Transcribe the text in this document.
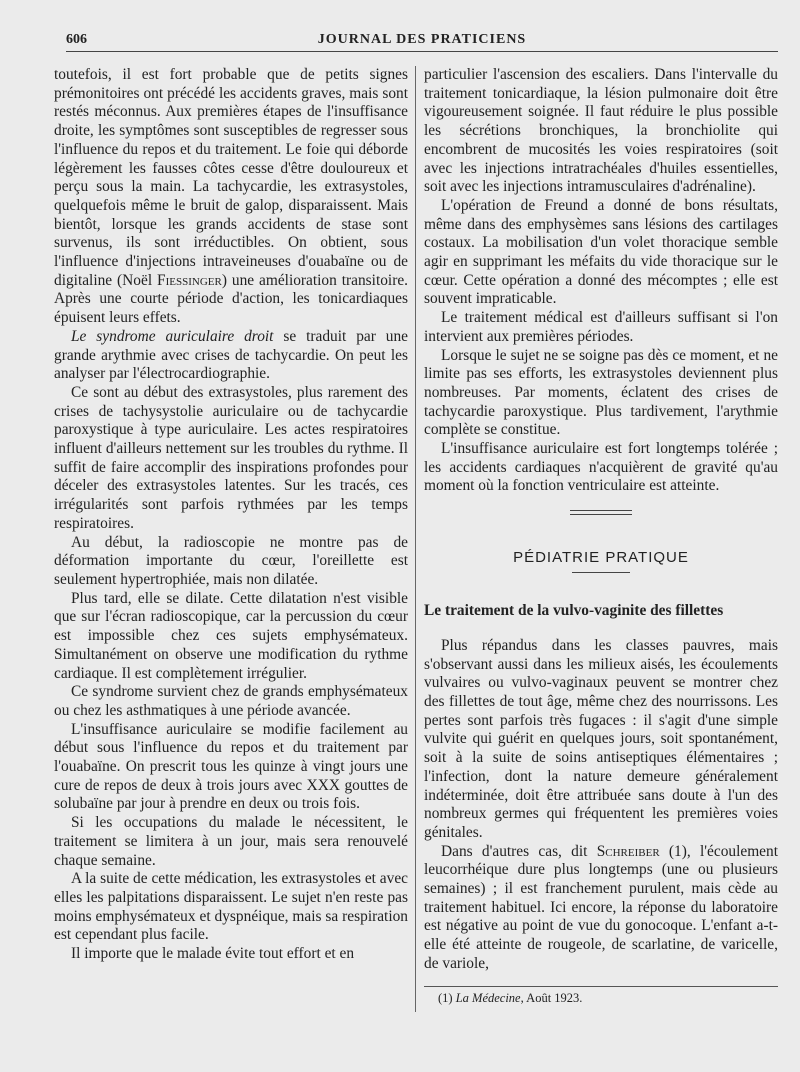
606	JOURNAL DES PRATICIENS

toutefois, il est fort probable que de petits signes prémonitoires ont précédé les accidents graves, mais sont restés méconnus. Aux premières étapes de l'insuffisance droite, les symptômes sont susceptibles de regresser sous l'influence du repos et du traitement. Le foie qui déborde légèrement les fausses côtes cesse d'être douloureux et perçu sous la main. La tachycardie, les extrasystoles, quelquefois même le bruit de galop, disparaissent. Mais bientôt, lorsque les grands accidents de stase sont survenus, ils sont irréductibles. On obtient, sous l'influence d'injections intraveineuses d'ouabaïne ou de digitaline (Noël Fiessinger) une amélioration transitoire. Après une courte période d'action, les tonicardiaques épuisent leurs effets.

Le syndrome auriculaire droit se traduit par une grande arythmie avec crises de tachycardie. On peut les analyser par l'électrocardiographie.

Ce sont au début des extrasystoles, plus rarement des crises de tachysystolie auriculaire ou de tachycardie paroxystique à type auriculaire. Les actes respiratoires influent d'ailleurs nettement sur les troubles du rythme. Il suffit de faire accomplir des inspirations profondes pour déceler des extrasystoles latentes. Sur les tracés, ces irrégularités sont parfois rythmées par les temps respiratoires.

Au début, la radioscopie ne montre pas de déformation importante du cœur, l'oreillette est seulement hypertrophiée, mais non dilatée.

Plus tard, elle se dilate. Cette dilatation n'est visible que sur l'écran radioscopique, car la percussion du cœur est impossible chez ces sujets emphysémateux. Simultanément on observe une modification du rythme cardiaque. Il est complètement irrégulier.

Ce syndrome survient chez de grands emphysémateux ou chez les asthmatiques à une période avancée.

L'insuffisance auriculaire se modifie facilement au début sous l'influence du repos et du traitement par l'ouabaïne. On prescrit tous les quinze à vingt jours une cure de repos de deux à trois jours avec XXX gouttes de solubaïne par jour à prendre en deux ou trois fois.

Si les occupations du malade le nécessitent, le traitement se limitera à un jour, mais sera renouvelé chaque semaine.

A la suite de cette médication, les extrasystoles et avec elles les palpitations disparaissent. Le sujet n'en reste pas moins emphysémateux et dyspnéique, mais sa respiration est cependant plus facile.

Il importe que le malade évite tout effort et en

particulier l'ascension des escaliers. Dans l'intervalle du traitement tonicardiaque, la lésion pulmonaire doit être vigoureusement soignée. Il faut réduire le plus possible les sécrétions bronchiques, la bronchiolite qui encombrent de mucosités les voies respiratoires (soit avec les injections intratrachéales d'huiles essentielles, soit avec les injections intramusculaires d'adrénaline).

L'opération de Freund a donné de bons résultats, même dans des emphysèmes sans lésions des cartilages costaux. La mobilisation d'un volet thoracique semble agir en supprimant les méfaits du vide thoracique sur le cœur. Cette opération a donné des mécomptes ; elle est souvent impraticable.

Le traitement médical est d'ailleurs suffisant si l'on intervient aux premières périodes.

Lorsque le sujet ne se soigne pas dès ce moment, et ne limite pas ses efforts, les extrasystoles deviennent plus nombreuses. Par moments, éclatent des crises de tachycardie paroxystique. Plus tardivement, l'arythmie complète se constitue.

L'insuffisance auriculaire est fort longtemps tolérée ; les accidents cardiaques n'acquièrent de gravité qu'au moment où la fonction ventriculaire est atteinte.

PÉDIATRIE PRATIQUE
Le traitement de la vulvo-vaginite des fillettes

Plus répandus dans les classes pauvres, mais s'observant aussi dans les milieux aisés, les écoulements vulvaires ou vulvo-vaginaux peuvent se montrer chez des fillettes de tout âge, même chez des nourrissons. Les pertes sont parfois très fugaces : il s'agit d'une simple vulvite qui guérit en quelques jours, soit spontanément, soit à la suite de soins antiseptiques élémentaires ; l'infection, dont la nature demeure généralement indéterminée, doit être attribuée sans doute à l'un des nombreux germes qui fréquentent les premières voies génitales.

Dans d'autres cas, dit Schreiber (1), l'écoulement leucorrhéique dure plus longtemps (une ou plusieurs semaines) ; il est franchement purulent, mais cède au traitement habituel. Ici encore, la réponse du laboratoire est négative au point de vue du gonocoque. L'enfant a-t-elle été atteinte de rougeole, de scarlatine, de varicelle, de variole,

(1) La Médecine, Août 1923.
